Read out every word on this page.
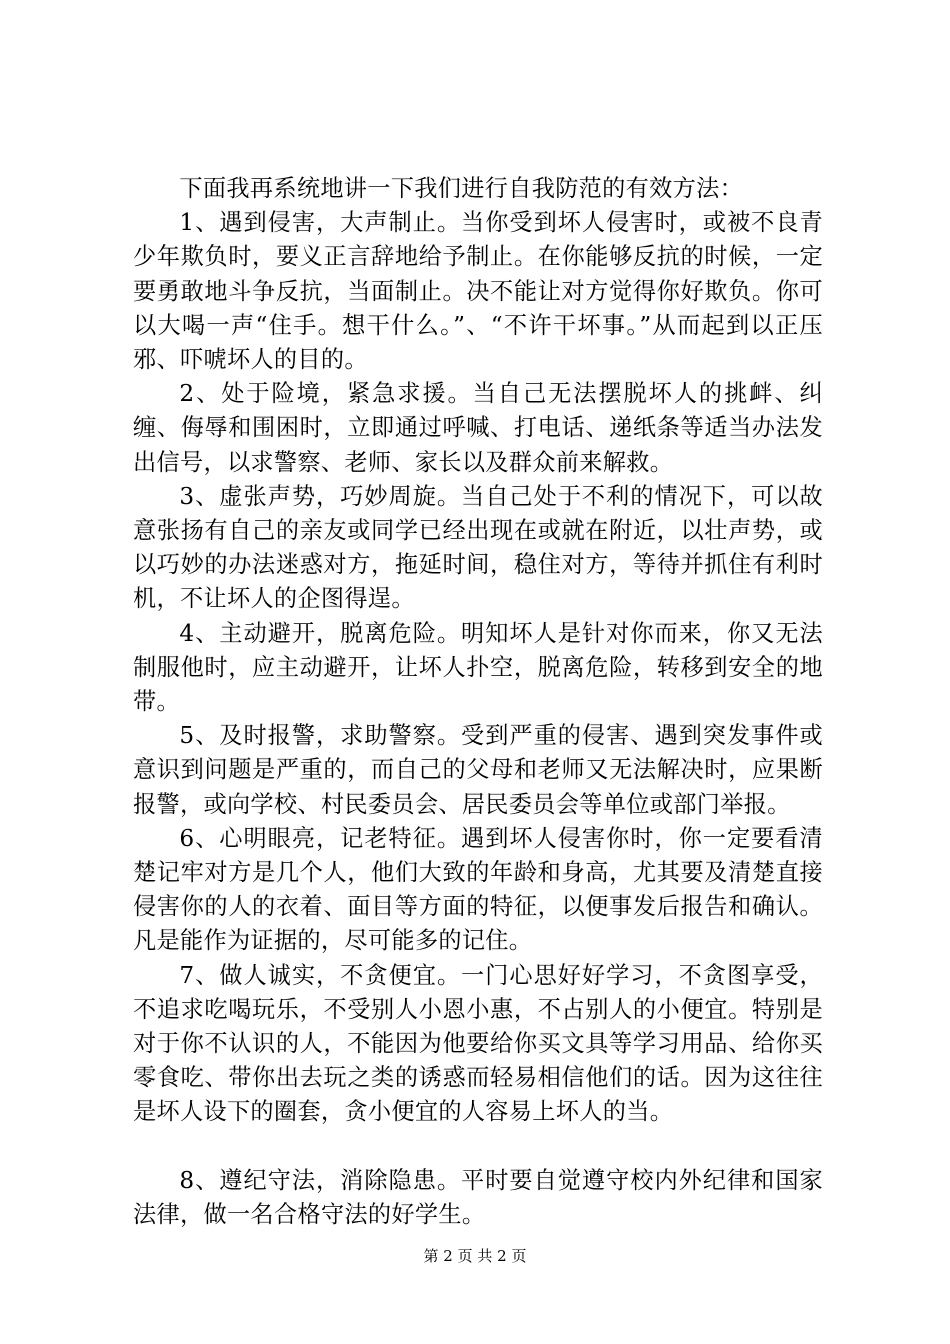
下面我再系统地讲一下我们进行自我防范的有效方法：

1、遇到侵害，大声制止。当你受到坏人侵害时，或被不良青少年欺负时，要义正言辞地给予制止。在你能够反抗的时候，一定要勇敢地斗争反抗，当面制止。决不能让对方觉得你好欺负。你可以大喝一声“住手。想干什么。”、“不许干坏事。”从而起到以正压邪、吓唬坏人的目的。

2、处于险境，紧急求援。当自己无法摆脱坏人的挑衅、纠缠、侮辱和围困时，立即通过呼喊、打电话、递纸条等适当办法发出信号，以求警察、老师、家长以及群众前来解救。

3、虚张声势，巧妙周旋。当自己处于不利的情况下，可以故意张扬有自己的亲友或同学已经出现在或就在附近，以壮声势，或以巧妙的办法迷惑对方，拖延时间，稳住对方，等待并抓住有利时机，不让坏人的企图得逞。

4、主动避开，脱离危险。明知坏人是针对你而来，你又无法制服他时，应主动避开，让坏人扑空，脱离危险，转移到安全的地带。

5、及时报警，求助警察。受到严重的侵害、遇到突发事件或意识到问题是严重的，而自己的父母和老师又无法解决时，应果断报警，或向学校、村民委员会、居民委员会等单位或部门举报。

6、心明眼亮，记老特征。遇到坏人侵害你时，你一定要看清楚记牢对方是几个人，他们大致的年龄和身高，尤其要及清楚直接侵害你的人的衣着、面目等方面的特征，以便事发后报告和确认。凡是能作为证据的，尽可能多的记住。

7、做人诚实，不贪便宜。一门心思好好学习，不贪图享受，不追求吃喝玩乐，不受别人小恩小惠，不占别人的小便宜。特别是对于你不认识的人，不能因为他要给你买文具等学习用品、给你买零食吃、带你出去玩之类的诱惑而轻易相信他们的话。因为这往往是坏人设下的圈套，贪小便宜的人容易上坏人的当。

8、遵纪守法，消除隐患。平时要自觉遵守校内外纪律和国家法律，做一名合格守法的好学生。

第 2 页 共 2 页
